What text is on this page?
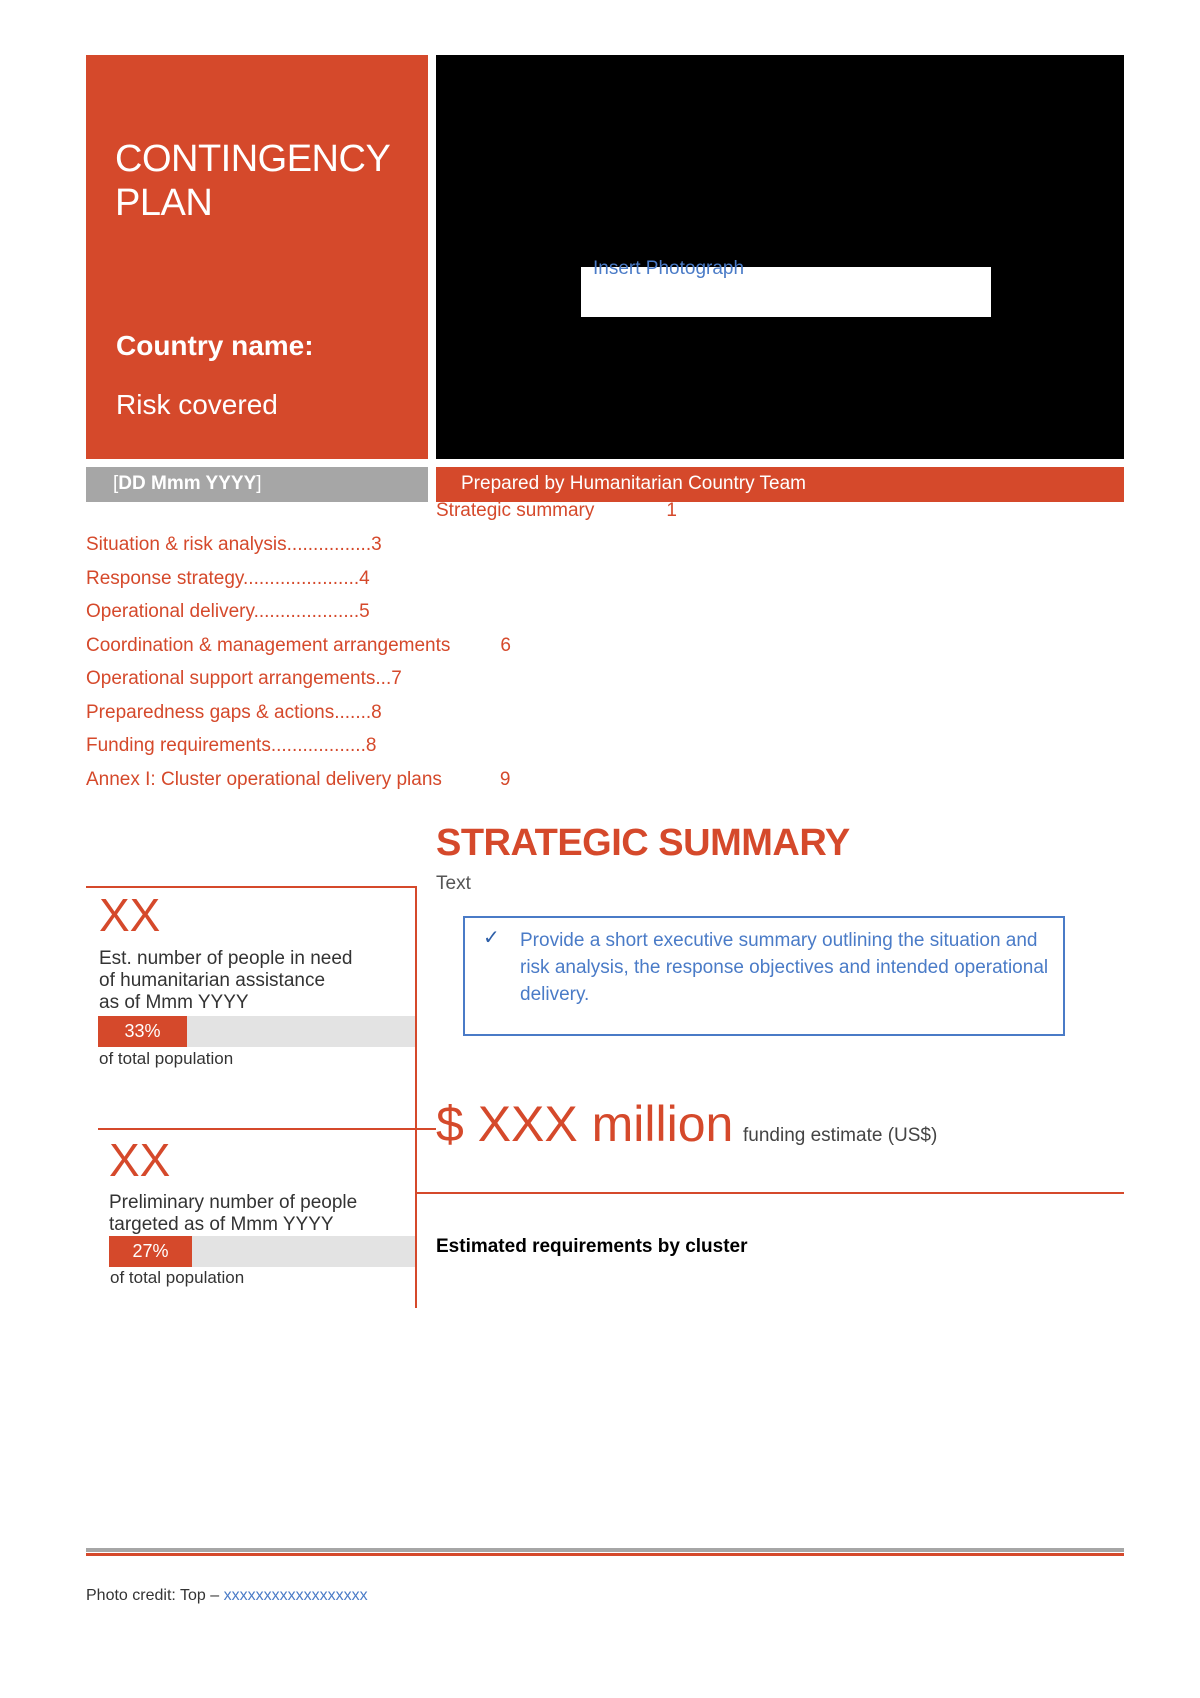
CONTINGENCY
PLAN
Country name:
Risk covered
Insert Photograph
[DD Mmm YYYY]	Prepared by Humanitarian Country Team
Strategic summary	1
Situation & risk analysis................3
Response strategy......................4
Operational delivery....................5
Coordination & management arrangements	6
Operational support arrangements...7
Preparedness gaps & actions.......8
Funding requirements..................8
Annex I: Cluster operational delivery plans	9
STRATEGIC SUMMARY
Text
✓ Provide a short executive summary outlining the situation and risk analysis, the response objectives and intended operational delivery.
XX
Est. number of people in need
of humanitarian assistance
as of Mmm YYYY
33%
of total population
XX
Preliminary number of people
targeted as of Mmm YYYY
27%
of total population
$ XXX million funding estimate (US$)
Estimated requirements by cluster
Photo credit: Top – xxxxxxxxxxxxxxxxxx
